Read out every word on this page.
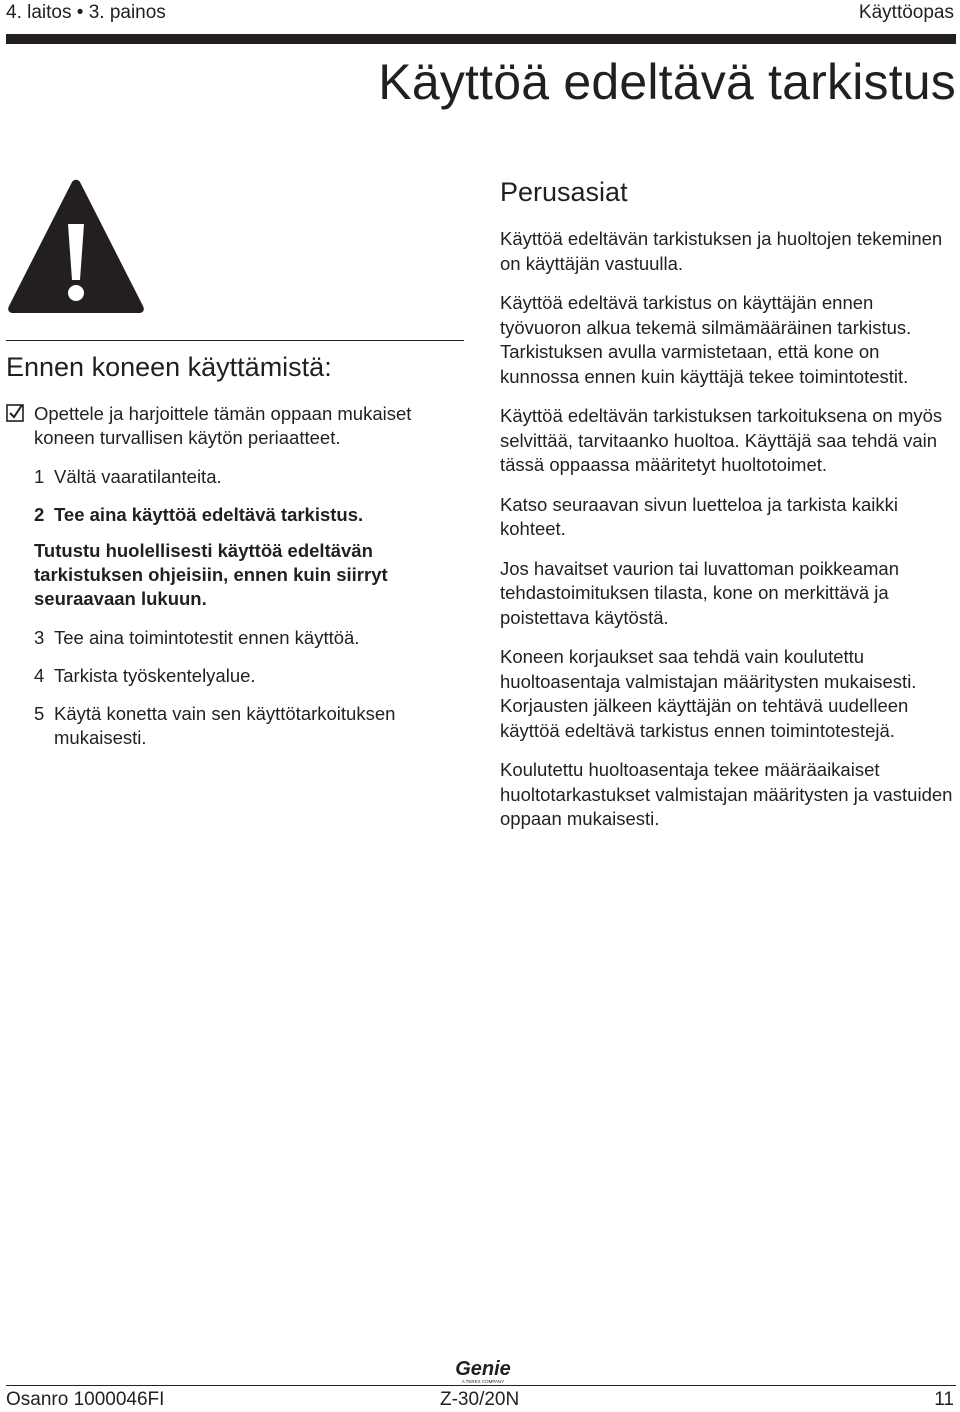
4. laitos • 3. painos	Käyttöopas
Käyttöä edeltävä tarkistus
Ennen koneen käyttämistä:
Opettele ja harjoittele tämän oppaan mukaiset koneen turvallisen käytön periaatteet.
1 Vältä vaaratilanteita.
2 Tee aina käyttöä edeltävä tarkistus.
Tutustu huolellisesti käyttöä edeltävän tarkistuksen ohjeisiin, ennen kuin siirryt seuraavaan lukuun.
3 Tee aina toimintotestit ennen käyttöä.
4 Tarkista työskentelyalue.
5 Käytä konetta vain sen käyttötarkoituksen mukaisesti.
Perusasiat

Käyttöä edeltävän tarkistuksen ja huoltojen tekeminen on käyttäjän vastuulla.

Käyttöä edeltävä tarkistus on käyttäjän ennen työvuoron alkua tekemä silmämääräinen tarkistus. Tarkistuksen avulla varmistetaan, että kone on kunnossa ennen kuin käyttäjä tekee toimintotestit.

Käyttöä edeltävän tarkistuksen tarkoituksena on myös selvittää, tarvitaanko huoltoa. Käyttäjä saa tehdä vain tässä oppaassa määritetyt huoltotoimet.

Katso seuraavan sivun luetteloa ja tarkista kaikki kohteet.

Jos havaitset vaurion tai luvattoman poikkeaman tehdastoimituksen tilasta, kone on merkittävä ja poistettava käytöstä.

Koneen korjaukset saa tehdä vain koulutettu huoltoasentaja valmistajan määritysten mukaisesti. Korjausten jälkeen käyttäjän on tehtävä uudelleen käyttöä edeltävä tarkistus ennen toimintotestejä.

Koulutettu huoltoasentaja tekee määräaikaiset huoltotarkastukset valmistajan määritysten ja vastuiden oppaan mukaisesti.

Genie
A TEREX COMPANY
Osanro 1000046FI	Z-30/20N	11
